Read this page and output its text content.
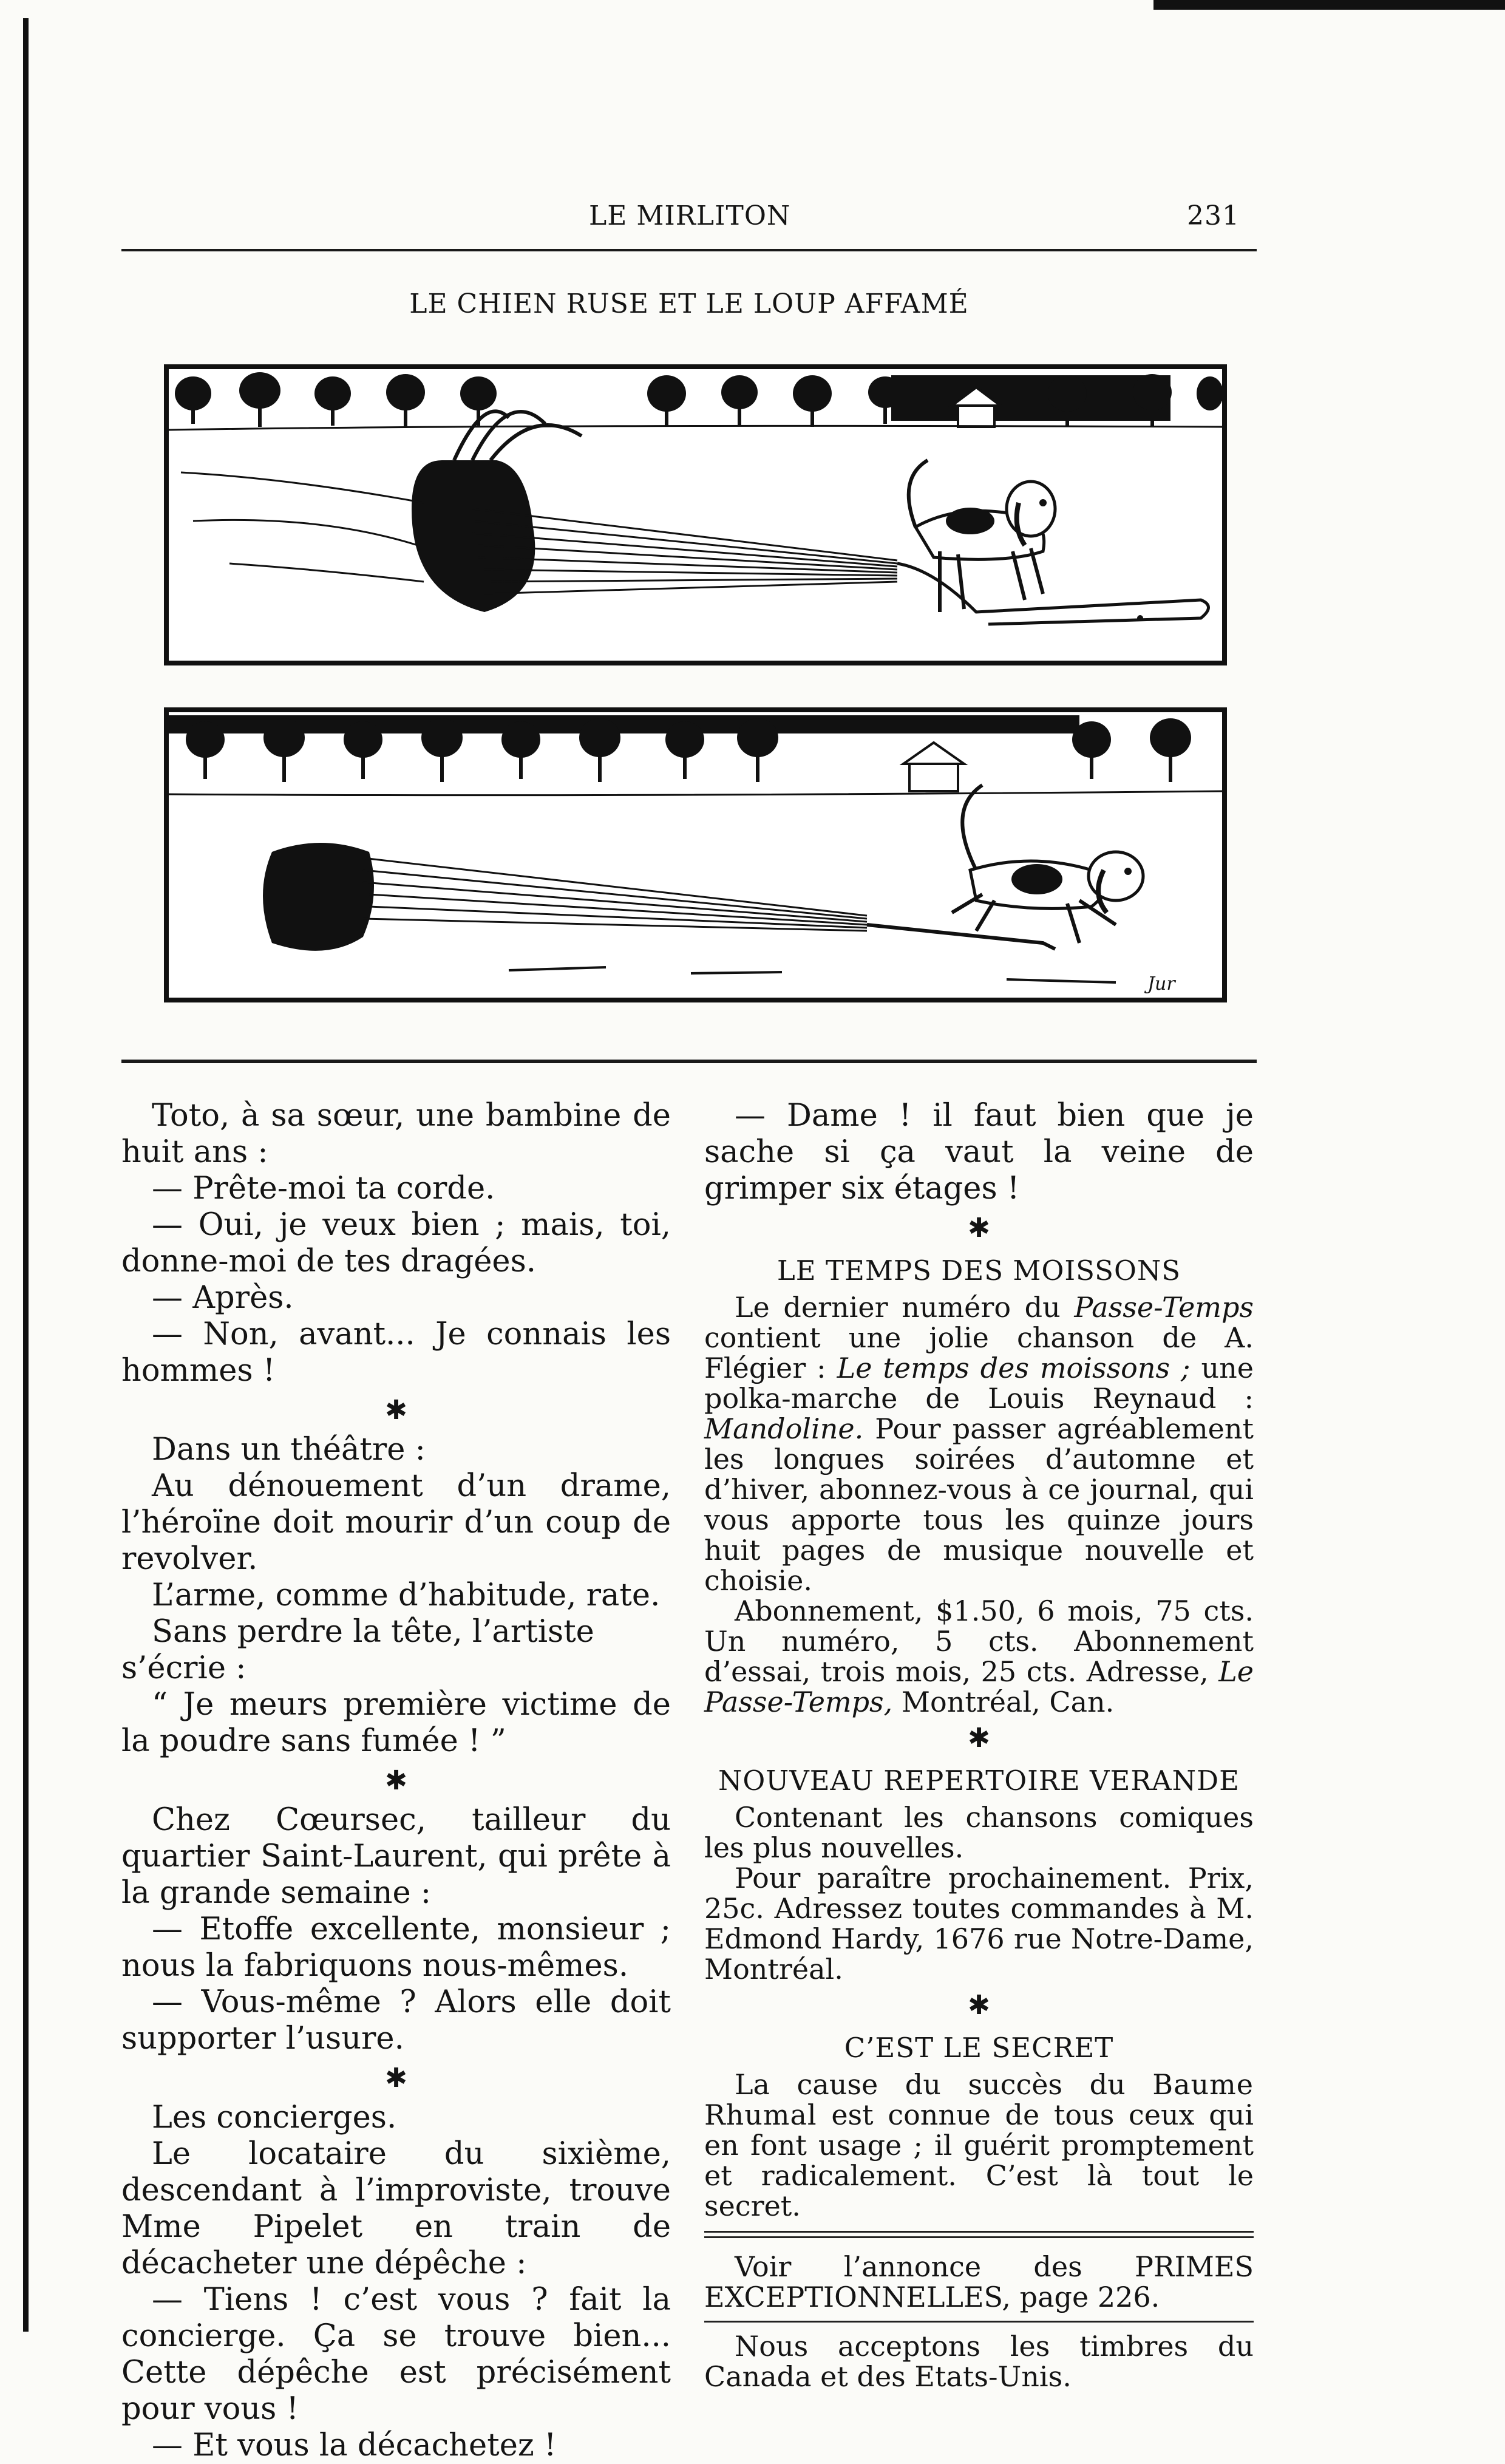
LE MIRLITON	231
LE CHIEN RUSE ET LE LOUP AFFAMÉ
Jur

Toto, à sa sœur, une bambine de huit ans :

— Prête-moi ta corde.

— Oui, je veux bien ; mais, toi, donne-moi de tes dragées.

— Après.

— Non, avant... Je connais les hommes !

✱

Dans un théâtre :

Au dénouement d’un drame, l’héroïne doit mourir d’un coup de revolver.

L’arme, comme d’habitude, rate.

Sans perdre la tête, l’artiste s’écrie :

“ Je meurs première victime de la poudre sans fumée ! ”

✱

Chez Cœursec, tailleur du quartier Saint-Laurent, qui prête à la grande semaine :

— Etoffe excellente, monsieur ; nous la fabriquons nous-mêmes.

— Vous-même ? Alors elle doit supporter l’usure.

✱

Les concierges.

Le locataire du sixième, descendant à l’improviste, trouve Mme Pipelet en train de décacheter une dépêche :

— Tiens ! c’est vous ? fait la concierge. Ça se trouve bien... Cette dépêche est précisément pour vous !

— Et vous la décachetez !

— Dame ! il faut bien que je sache si ça vaut la veine de grimper six étages !

✱
LE TEMPS DES MOISSONS

Le dernier numéro du Passe-Temps contient une jolie chanson de A. Flégier : Le temps des moissons ; une polka-marche de Louis Reynaud : Mandoline. Pour passer agréablement les longues soirées d’automne et d’hiver, abonnez-vous à ce journal, qui vous apporte tous les quinze jours huit pages de musique nouvelle et choisie.

Abonnement, $1.50, 6 mois, 75 cts. Un numéro, 5 cts. Abonnement d’essai, trois mois, 25 cts. Adresse, Le Passe-Temps, Montréal, Can.

✱
NOUVEAU REPERTOIRE VERANDE

Contenant les chansons comiques les plus nouvelles.

Pour paraître prochainement. Prix, 25c. Adressez toutes commandes à M. Edmond Hardy, 1676 rue Notre-Dame, Montréal.

✱
C’EST LE SECRET

La cause du succès du Baume Rhumal est connue de tous ceux qui en font usage ; il guérit promptement et radicalement. C’est là tout le secret.

Voir l’annonce des PRIMES EXCEPTIONNELLES, page 226.

Nous acceptons les timbres du Canada et des Etats-Unis.
